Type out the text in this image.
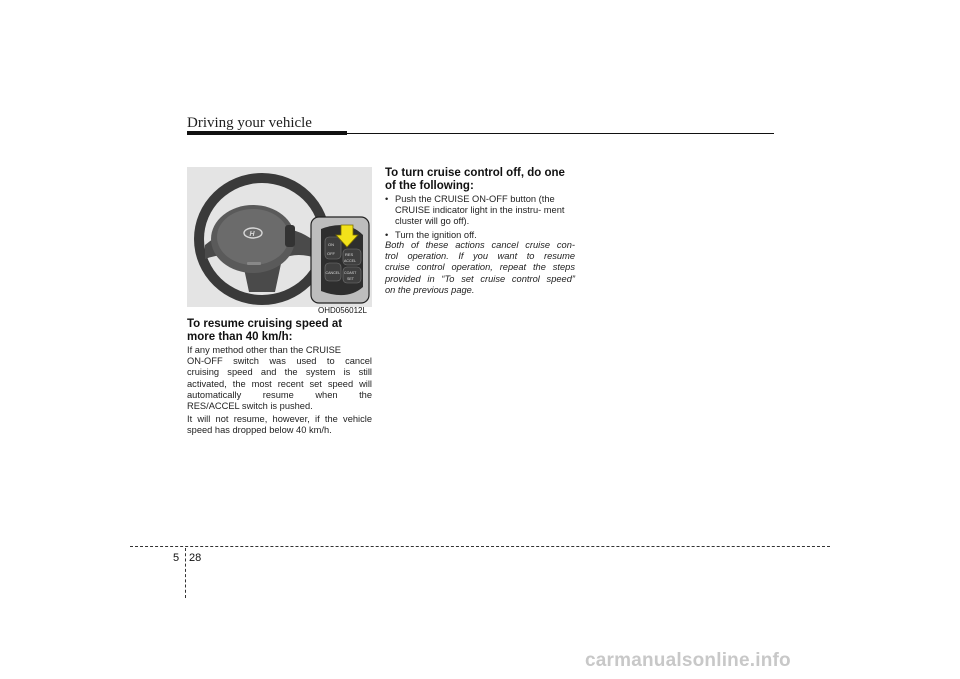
Driving your vehicle
H
ON
OFF	RES
ACCEL
CANCEL COAST
SET
OHD056012L
To resume cruising speed at
more than 40 km/h:
If any method other than the CRUISE
ON-OFF switch was used to cancel
cruising speed and the system is still
activated, the most recent set speed will
automatically resume when the
RES/ACCEL switch is pushed.
It will not resume, however, if the vehicle
speed has dropped below 40 km/h.
To turn cruise control off, do one
of the following:
• Push the CRUISE ON-OFF button (the CRUISE indicator light in the instru- ment cluster will go off).
• Turn the ignition off.
Both of these actions cancel cruise con-
trol operation. If you want to resume
cruise control operation, repeat the steps
provided in “To set cruise control speed”
on the previous page.
5 28
carmanualsonline.info
